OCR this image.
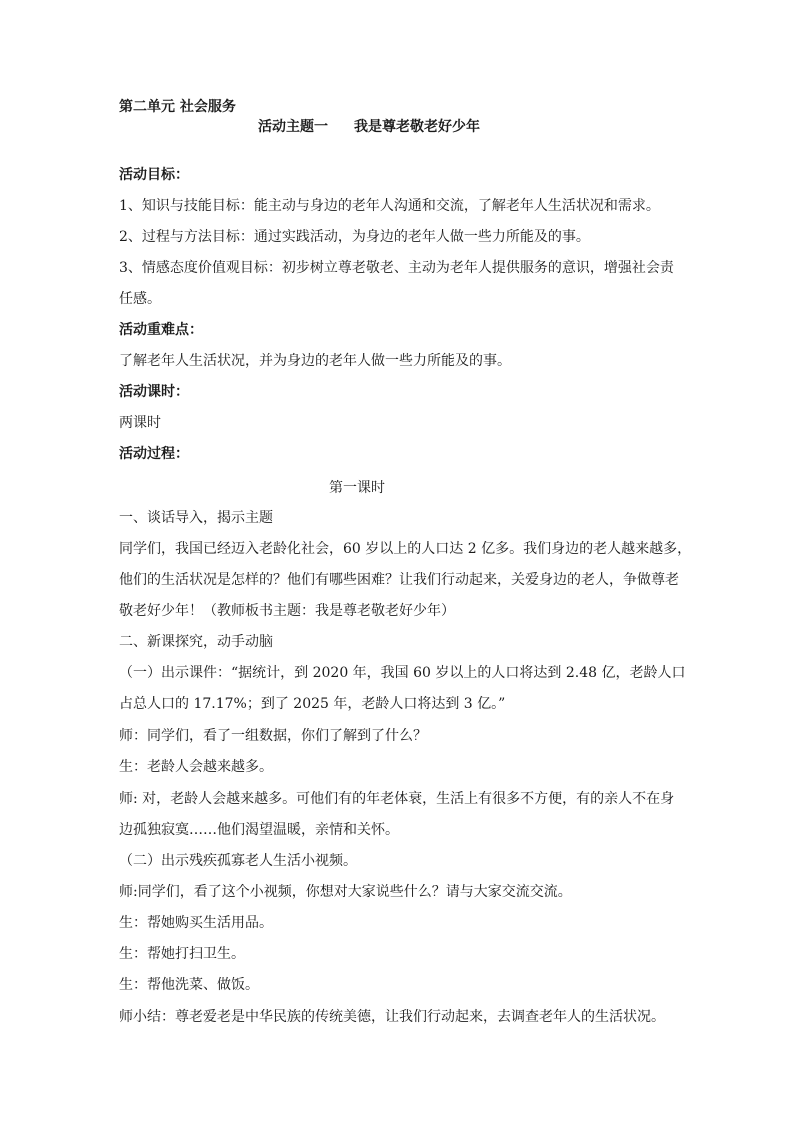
第二单元 社会服务
活动主题一 我是尊老敬老好少年
活动目标：
1、知识与技能目标：能主动与身边的老年人沟通和交流，了解老年人生活状况和需求。
2、过程与方法目标：通过实践活动，为身边的老年人做一些力所能及的事。
3、情感态度价值观目标：初步树立尊老敬老、主动为老年人提供服务的意识，增强社会责
任感。
活动重难点：
了解老年人生活状况，并为身边的老年人做一些力所能及的事。
活动课时：
两课时
活动过程：
第一课时
一、谈话导入，揭示主题
同学们，我国已经迈入老龄化社会，60 岁以上的人口达 2 亿多。我们身边的老人越来越多，
他们的生活状况是怎样的？他们有哪些困难？让我们行动起来，关爱身边的老人，争做尊老
敬老好少年！（教师板书主题：我是尊老敬老好少年）
二、新课探究，动手动脑
（一）出示课件：“据统计，到 2020 年，我国 60 岁以上的人口将达到 2.48 亿，老龄人口
占总人口的 17.17%；到了 2025 年，老龄人口将达到 3 亿。”
师：同学们，看了一组数据，你们了解到了什么？
生：老龄人会越来越多。
师: 对，老龄人会越来越多。可他们有的年老体衰，生活上有很多不方便，有的亲人不在身
边孤独寂寞……他们渴望温暖，亲情和关怀。
（二）出示残疾孤寡老人生活小视频。
师:同学们，看了这个小视频，你想对大家说些什么？请与大家交流交流。
生：帮她购买生活用品。
生：帮她打扫卫生。
生：帮他洗菜、做饭。
师小结：尊老爱老是中华民族的传统美德，让我们行动起来，去调查老年人的生活状况。
